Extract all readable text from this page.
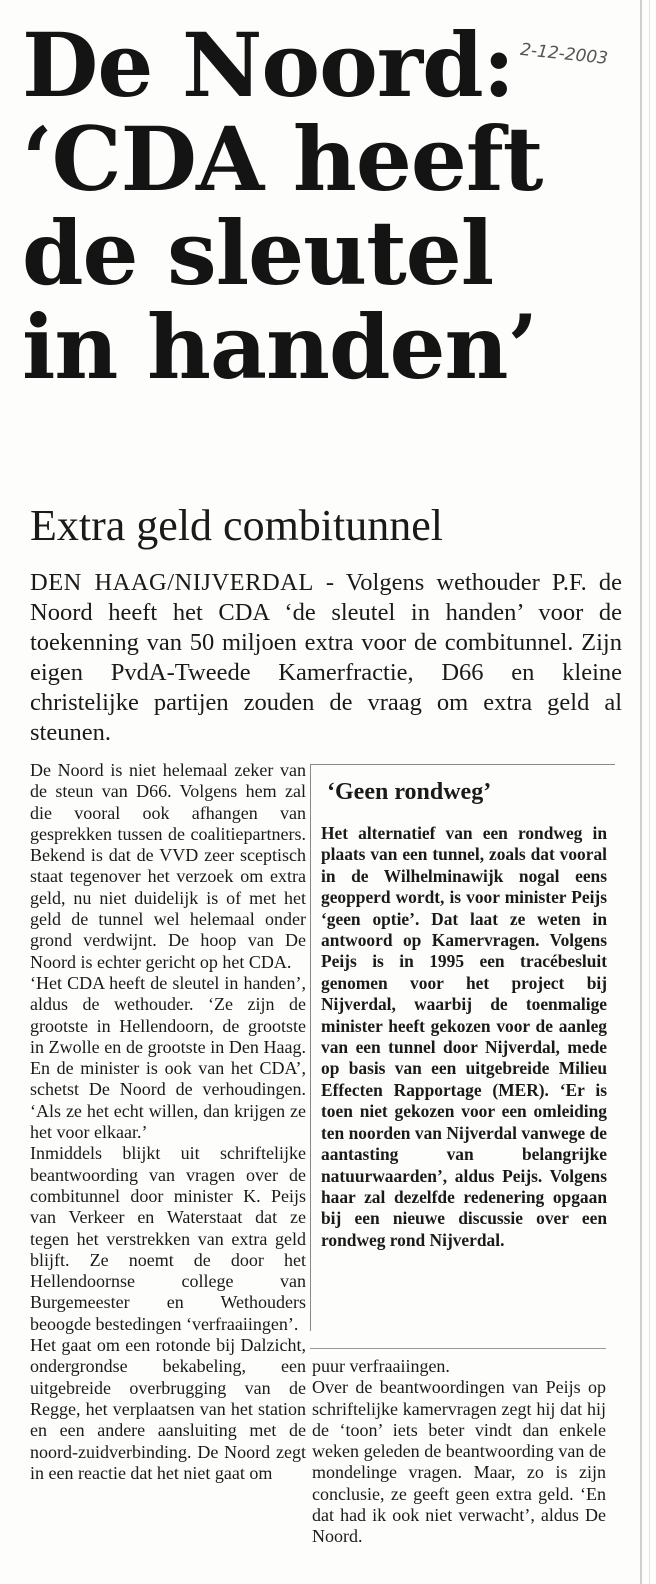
De Noord:
‘CDA heeft
de sleutel
in handen’
2-12-2003
Extra geld combitunnel
DEN HAAG/NIJVERDAL - Volgens wethouder P.F. de Noord heeft het CDA ‘de sleutel in handen’ voor de toekenning van 50 miljoen extra voor de combitunnel. Zijn eigen PvdA-Tweede Kamerfractie, D66 en kleine christelijke partijen zouden de vraag om extra geld al steunen.

De Noord is niet helemaal zeker van de steun van D66. Volgens hem zal die vooral ook afhangen van gesprekken tussen de coalitiepartners. Bekend is dat de VVD zeer sceptisch staat tegenover het verzoek om extra geld, nu niet duidelijk is of met het geld de tunnel wel helemaal onder grond verdwijnt. De hoop van De Noord is echter gericht op het CDA.

‘Het CDA heeft de sleutel in handen’, aldus de wethouder. ‘Ze zijn de grootste in Hellendoorn, de grootste in Zwolle en de grootste in Den Haag. En de minister is ook van het CDA’, schetst De Noord de verhoudingen. ‘Als ze het echt willen, dan krijgen ze het voor elkaar.’

Inmiddels blijkt uit schriftelijke beantwoording van vragen over de combitunnel door minister K. Peijs van Verkeer en Waterstaat dat ze tegen het verstrekken van extra geld blijft. Ze noemt de door het Hellendoornse college van Burgemeester en Wethouders beoogde bestedingen ‘verfraaiingen’.

Het gaat om een rotonde bij Dalzicht, ondergrondse bekabeling, een uitgebreide overbrugging van de Regge, het verplaatsen van het station en een andere aansluiting met de noord-zuidverbinding. De Noord zegt in een reactie dat het niet gaat om

‘Geen rondweg’
Het alternatief van een rondweg in plaats van een tunnel, zoals dat vooral in de Wilhelminawijk nogal eens geopperd wordt, is voor minister Peijs ‘geen optie’. Dat laat ze weten in antwoord op Kamervragen. Volgens Peijs is in 1995 een tracébesluit genomen voor het project bij Nijverdal, waarbij de toenmalige minister heeft gekozen voor de aanleg van een tunnel door Nijverdal, mede op basis van een uitgebreide Milieu Effecten Rapportage (MER). ‘Er is toen niet gekozen voor een omleiding ten noorden van Nijverdal vanwege de aantasting van belangrijke natuurwaarden’, aldus Peijs. Volgens haar zal dezelfde redenering opgaan bij een nieuwe discussie over een rondweg rond Nijverdal.

puur verfraaiingen.

Over de beantwoordingen van Peijs op schriftelijke kamervragen zegt hij dat hij de ‘toon’ iets beter vindt dan enkele weken geleden de beantwoording van de mondelinge vragen. Maar, zo is zijn conclusie, ze geeft geen extra geld. ‘En dat had ik ook niet verwacht’, aldus De Noord.
